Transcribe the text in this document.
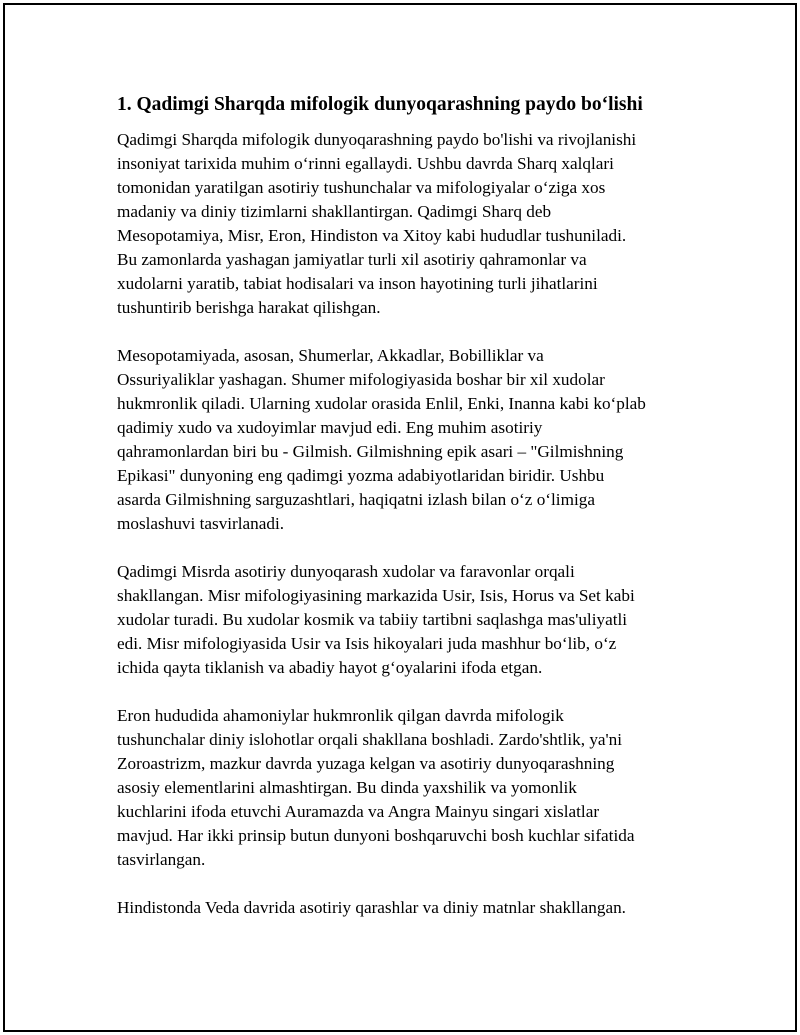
1. Qadimgi Sharqda mifologik dunyoqarashning paydo bo‘lishi

Qadimgi Sharqda mifologik dunyoqarashning paydo bo'lishi va rivojlanishi
insoniyat tarixida muhim o‘rinni egallaydi. Ushbu davrda Sharq xalqlari
tomonidan yaratilgan asotiriy tushunchalar va mifologiyalar o‘ziga xos
madaniy va diniy tizimlarni shakllantirgan. Qadimgi Sharq deb
Mesopotamiya, Misr, Eron, Hindiston va Xitoy kabi hududlar tushuniladi.
Bu zamonlarda yashagan jamiyatlar turli xil asotiriy qahramonlar va
xudolarni yaratib, tabiat hodisalari va inson hayotining turli jihatlarini
tushuntirib berishga harakat qilishgan.

Mesopotamiyada, asosan, Shumerlar, Akkadlar, Bobilliklar va
Ossuriyaliklar yashagan. Shumer mifologiyasida boshar bir xil xudolar
hukmronlik qiladi. Ularning xudolar orasida Enlil, Enki, Inanna kabi ko‘plab
qadimiy xudo va xudoyimlar mavjud edi. Eng muhim asotiriy
qahramonlardan biri bu - Gilmish. Gilmishning epik asari – "Gilmishning
Epikasi" dunyoning eng qadimgi yozma adabiyotlaridan biridir. Ushbu
asarda Gilmishning sarguzashtlari, haqiqatni izlash bilan o‘z o‘limiga
moslashuvi tasvirlanadi.

Qadimgi Misrda asotiriy dunyoqarash xudolar va faravonlar orqali
shakllangan. Misr mifologiyasining markazida Usir, Isis, Horus va Set kabi
xudolar turadi. Bu xudolar kosmik va tabiiy tartibni saqlashga mas'uliyatli
edi. Misr mifologiyasida Usir va Isis hikoyalari juda mashhur bo‘lib, o‘z
ichida qayta tiklanish va abadiy hayot g‘oyalarini ifoda etgan.

Eron hududida ahamoniylar hukmronlik qilgan davrda mifologik
tushunchalar diniy islohotlar orqali shakllana boshladi. Zardo'shtlik, ya'ni
Zoroastrizm, mazkur davrda yuzaga kelgan va asotiriy dunyoqarashning
asosiy elementlarini almashtirgan. Bu dinda yaxshilik va yomonlik
kuchlarini ifoda etuvchi Auramazda va Angra Mainyu singari xislatlar
mavjud. Har ikki prinsip butun dunyoni boshqaruvchi bosh kuchlar sifatida
tasvirlangan.

Hindistonda Veda davrida asotiriy qarashlar va diniy matnlar shakllangan.
